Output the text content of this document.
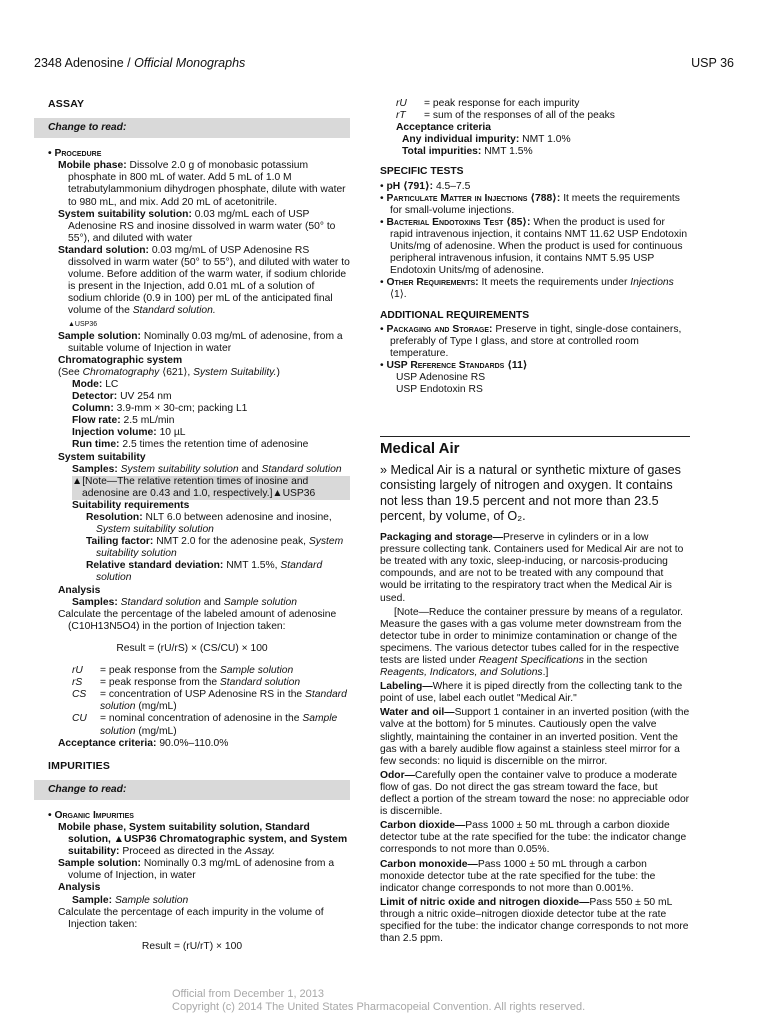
2348 Adenosine / Official Monographs	USP 36
ASSAY
Change to read:
• Procedure
Mobile phase: Dissolve 2.0 g of monobasic potassium phosphate in 800 mL of water. Add 5 mL of 1.0 M tetrabutylammonium dihydrogen phosphate, dilute with water to 980 mL, and mix. Add 20 mL of acetonitrile.
System suitability solution: 0.03 mg/mL each of USP Adenosine RS and inosine dissolved in warm water (50° to 55°), and diluted with water
Standard solution: 0.03 mg/mL of USP Adenosine RS dissolved in warm water (50° to 55°), and diluted with water to volume. Before addition of the warm water, if sodium chloride is present in the Injection, add 0.01 mL of a solution of sodium chloride (0.9 in 100) per mL of the anticipated final volume of the Standard solution.
▲USP36
Sample solution: Nominally 0.03 mg/mL of adenosine, from a suitable volume of Injection in water
Chromatographic system
(See Chromatography ⟨621⟩, System Suitability.)
Mode: LC
Detector: UV 254 nm
Column: 3.9-mm × 30-cm; packing L1
Flow rate: 2.5 mL/min
Injection volume: 10 µL
Run time: 2.5 times the retention time of adenosine
System suitability
Samples: System suitability solution and Standard solution
▲[Note—The relative retention times of inosine and adenosine are 0.43 and 1.0, respectively.]▲USP36
Suitability requirements
Resolution: NLT 6.0 between adenosine and inosine, System suitability solution
Tailing factor: NMT 2.0 for the adenosine peak, System suitability solution
Relative standard deviation: NMT 1.5%, Standard solution
Analysis
Samples: Standard solution and Sample solution
Calculate the percentage of the labeled amount of adenosine (C10H13N5O4) in the portion of Injection taken:
Result = (rU/rS) × (CS/CU) × 100
rU	= peak response from the Sample solution
rS	= peak response from the Standard solution
CS	= concentration of USP Adenosine RS in the Standard solution (mg/mL)
CU	= nominal concentration of adenosine in the Sample solution (mg/mL)
Acceptance criteria: 90.0%–110.0%
IMPURITIES
Change to read:
• Organic Impurities
Mobile phase, System suitability solution, Standard solution, ▲USP36 Chromatographic system, and System suitability: Proceed as directed in the Assay.
Sample solution: Nominally 0.3 mg/mL of adenosine from a volume of Injection, in water
Analysis
Sample: Sample solution
Calculate the percentage of each impurity in the volume of Injection taken:
Result = (rU/rT) × 100
rU	= peak response for each impurity
rT	= sum of the responses of all of the peaks
Acceptance criteria
Any individual impurity: NMT 1.0%
Total impurities: NMT 1.5%
SPECIFIC TESTS
• pH ⟨791⟩: 4.5–7.5
• Particulate Matter in Injections ⟨788⟩: It meets the requirements for small-volume injections.
• Bacterial Endotoxins Test ⟨85⟩: When the product is used for rapid intravenous injection, it contains NMT 11.62 USP Endotoxin Units/mg of adenosine. When the product is used for continuous peripheral intravenous infusion, it contains NMT 5.95 USP Endotoxin Units/mg of adenosine.
• Other Requirements: It meets the requirements under Injections ⟨1⟩.
ADDITIONAL REQUIREMENTS
• Packaging and Storage: Preserve in tight, single-dose containers, preferably of Type I glass, and store at controlled room temperature.
• USP Reference Standards ⟨11⟩
USP Adenosine RS
USP Endotoxin RS
Medical Air
» Medical Air is a natural or synthetic mixture of gases consisting largely of nitrogen and oxygen. It contains not less than 19.5 percent and not more than 23.5 percent, by volume, of O₂.
Packaging and storage—Preserve in cylinders or in a low pressure collecting tank. Containers used for Medical Air are not to be treated with any toxic, sleep-inducing, or narcosis-producing compounds, and are not to be treated with any compound that would be irritating to the respiratory tract when the Medical Air is used.
[Note—Reduce the container pressure by means of a regulator. Measure the gases with a gas volume meter downstream from the detector tube in order to minimize contamination or change of the specimens. The various detector tubes called for in the respective tests are listed under Reagent Specifications in the section Reagents, Indicators, and Solutions.]
Labeling—Where it is piped directly from the collecting tank to the point of use, label each outlet "Medical Air."
Water and oil—Support 1 container in an inverted position (with the valve at the bottom) for 5 minutes. Cautiously open the valve slightly, maintaining the container in an inverted position. Vent the gas with a barely audible flow against a stainless steel mirror for a few seconds: no liquid is discernible on the mirror.
Odor—Carefully open the container valve to produce a moderate flow of gas. Do not direct the gas stream toward the face, but deflect a portion of the stream toward the nose: no appreciable odor is discernible.
Carbon dioxide—Pass 1000 ± 50 mL through a carbon dioxide detector tube at the rate specified for the tube: the indicator change corresponds to not more than 0.05%.
Carbon monoxide—Pass 1000 ± 50 mL through a carbon monoxide detector tube at the rate specified for the tube: the indicator change corresponds to not more than 0.001%.
Limit of nitric oxide and nitrogen dioxide—Pass 550 ± 50 mL through a nitric oxide–nitrogen dioxide detector tube at the rate specified for the tube: the indicator change corresponds to not more than 2.5 ppm.
Official from December 1, 2013
Copyright (c) 2014 The United States Pharmacopeial Convention. All rights reserved.
